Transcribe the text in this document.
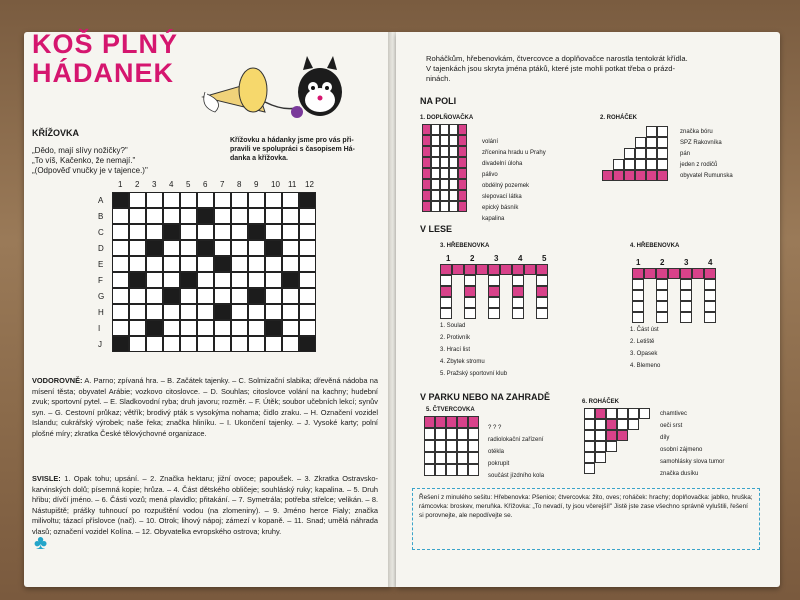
KOŠ PLNÝ
HÁDANEK
KŘÍŽOVKA
„Dědo, mají slívy nožičky?"
„To víš, Kačenko, že nemají."
„(Odpověď vnučky je v tajence.)"
Křížovku a hádanky jsme pro vás při-
pravili ve spolupráci s časopisem Há-
danka a křížovka.
1 2 3 4 5 6 7 8 9 10 11 12
A
B
C
D
E
F
G
H
I
J
VODOROVNĚ: A. Parno; zpívaná hra. – B. Začátek tajenky. – C. Solmizační slabika; dřevěná nádoba na mísení těsta; obyvatel Arábie; vozkovo citoslovce. – D. Souhlas; citoslovce volání na kachny; hudební zvuk; sportovní pytel. – E. Sladkovodní ryba; druh javoru; rozměr. – F. Útěk; soubor učebních lekcí; synův syn. – G. Cestovní průkaz; větřík; brodivý pták s vysokýma nohama; čidlo zraku. – H. Označení vozidel Islandu; cukrářský výrobek; naše řeka; značka hliníku. – I. Ukončení tajenky. – J. Vysoké karty; polní plošné míry; zkratka České tělovýchovné organizace.
SVISLE: 1. Opak tohu; upsání. – 2. Značka hektaru; jižní ovoce; papoušek. – 3. Zkratka Ostravsko-karvinských dolů; písemná kopie; hrůza. – 4. Část dětského obličeje; souhláský ruky; kapalina. – 5. Druh hřibu; dívčí jméno. – 6. Části vozů; mená plavidlo; přitakání. – 7. Symetrála; potřeba střelce; velikán. – 8. Nástupiště; prášky tuhnoucí po rozpuštění vodou (na zlomeniny). – 9. Jméno herce Fialy; značka milivoltu; tázací příslovce (nač). – 10. Otrok; lihový nápoj; zámezí v kopaně. – 11. Snad; umělá náhrada vlasů; označení vozidel Kolína. – 12. Obyvatelka evropského ostrova; kruhy.
♣
Roháčkům, hřebenovkám, čtvercovce a doplňovačce narostla tentokrát křídla.
V tajenkách jsou skryta jména ptáků, které jste mohli potkat třeba o prázd-
ninách.
NA POLI
1. DOPLŇOVAČKA
volání
zřícenina hradu u Prahy
divadelní úloha
pálivo
obdélný pozemek
slepovací látka
epický básník
kapalina
2. ROHÁČEK
značka bóru
SPZ Rakovníka
pán
jeden z rodičů
obyvatel Rumunska
V LESE
3. HŘEBENOVKA
1 2 3 4 5
1. Soulad
2. Protivník
3. Hrací list
4. Zbytek stromu
5. Pražský sportovní klub
4. HŘEBENOVKA
1 2 3 4
1. Část úst
2. Letiště
3. Opasek
4. Blemeno
V PARKU NEBO NA ZAHRADĚ
5. ČTVERCOVKA
? ? ?
radiolokační zařízení
otékla
pokrupit
součást jízdního kola
6. ROHÁČEK
chamtivec
oeči srst
díly
osobní zájmeno
samohlásky slova tumor
značka dusíku
Řešení z minulého sešitu: Hřebenovka: Pšenice; čtvercovka: žito, oves; roháček: hrachy; doplňovačka: jablko, hruška; rámcovka: broskev, meruňka. Křížovka: „To nevadí, ty jsou včerejší!" Jistě jste zase všechno správně vyluštili, řešení si porovnejte, ale nepodívejte se.
